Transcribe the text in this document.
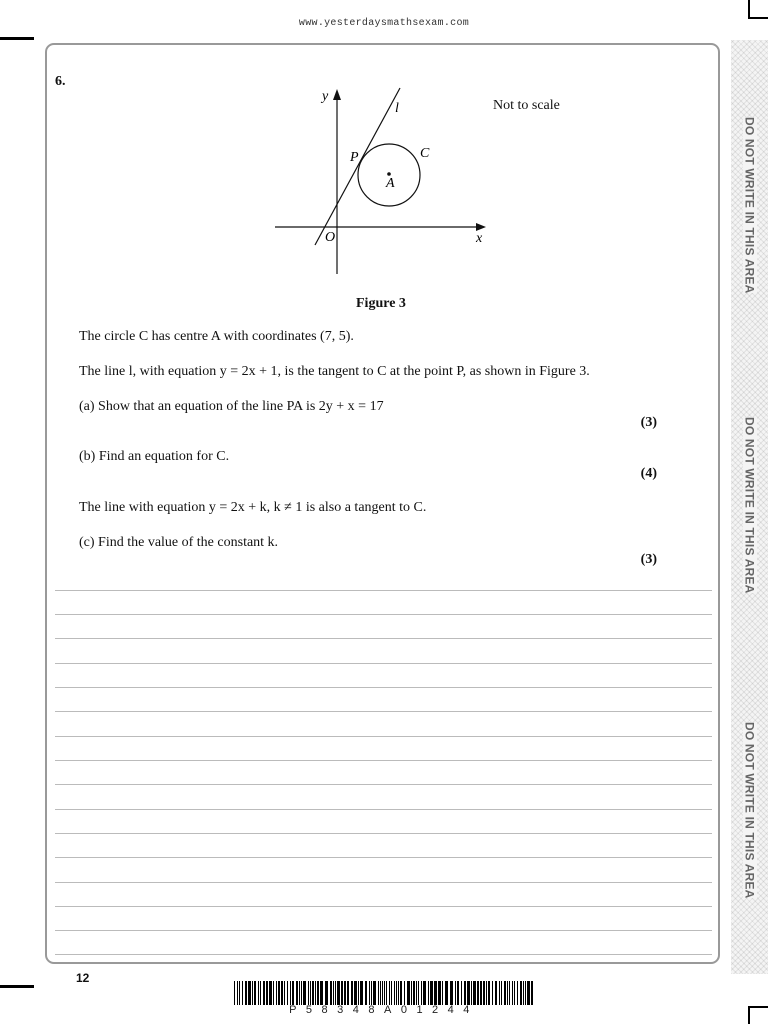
www.yesterdaysmathsexam.com
DO NOT WRITE IN THIS AREA
DO NOT WRITE IN THIS AREA
DO NOT WRITE IN THIS AREA
6.
Not to scale
y
x
l
P	C
A
O
Figure 3
The circle C has centre A with coordinates (7, 5).
The line l, with equation y = 2x + 1, is the tangent to C at the point P, as shown in Figure 3.
(a) Show that an equation of the line PA is 2y + x = 17
(3)
(b) Find an equation for C.
(4)
The line with equation y = 2x + k, k ≠ 1 is also a tangent to C.
(c) Find the value of the constant k.
(3)
12
P58348A01244
